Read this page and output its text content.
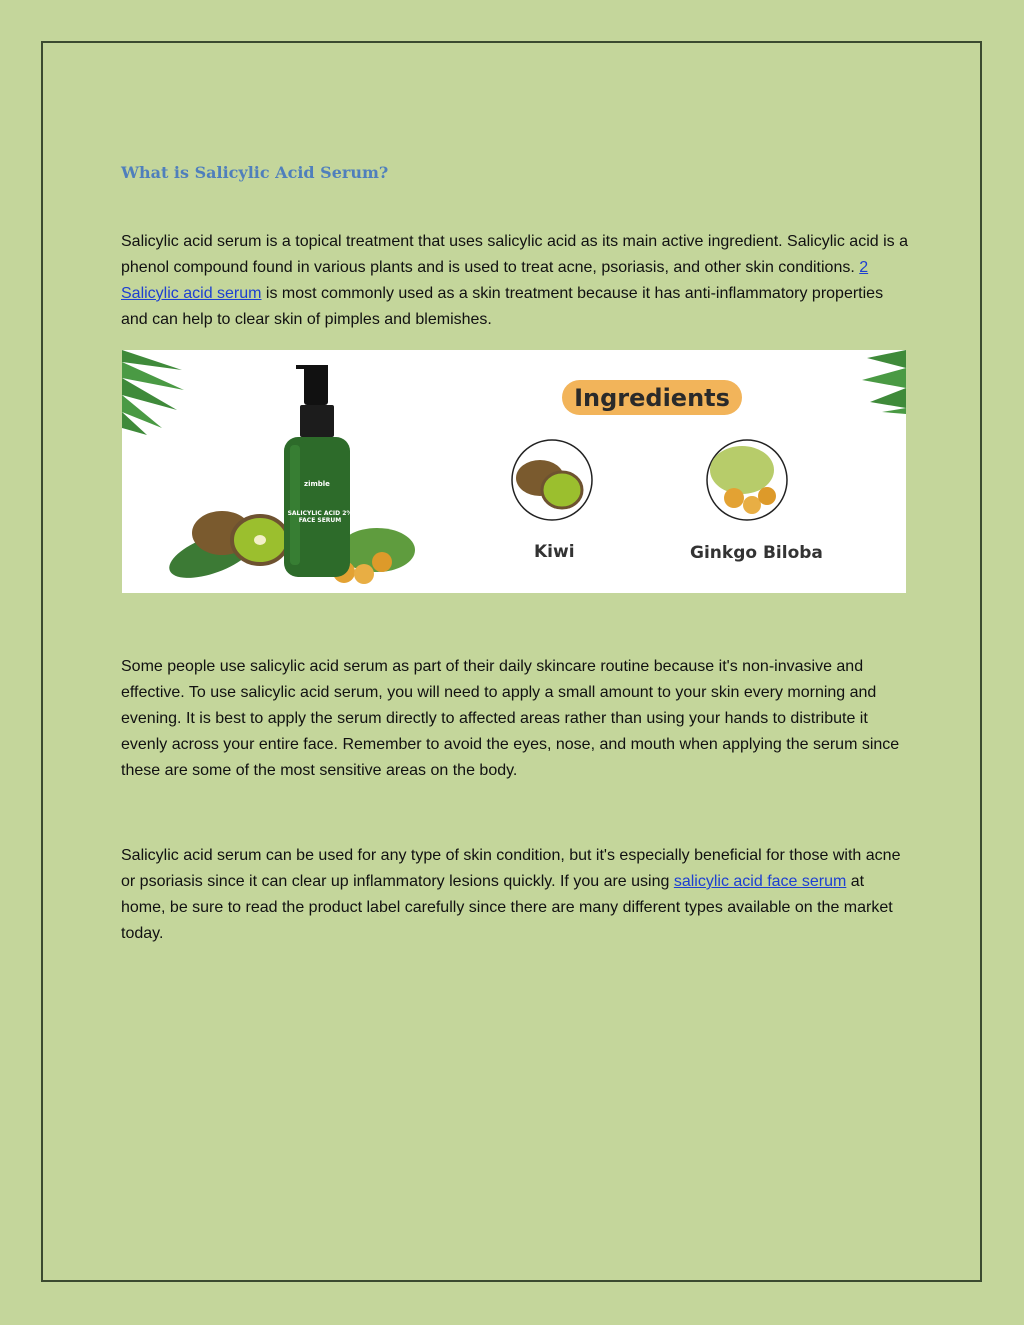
What is Salicylic Acid Serum?

Salicylic acid serum is a topical treatment that uses salicylic acid as its main active ingredient. Salicylic acid is a phenol compound found in various plants and is used to treat acne, psoriasis, and other skin conditions. 2 Salicylic acid serum is most commonly used as a skin treatment because it has anti-inflammatory properties and can help to clear skin of pimples and blemishes.

zimble
SALICYLIC ACID 2%
FACE SERUM
Ingredients
Kiwi	Ginkgo Biloba

Some people use salicylic acid serum as part of their daily skincare routine because it's non-invasive and effective. To use salicylic acid serum, you will need to apply a small amount to your skin every morning and evening. It is best to apply the serum directly to affected areas rather than using your hands to distribute it evenly across your entire face. Remember to avoid the eyes, nose, and mouth when applying the serum since these are some of the most sensitive areas on the body.

Salicylic acid serum can be used for any type of skin condition, but it's especially beneficial for those with acne or psoriasis since it can clear up inflammatory lesions quickly. If you are using salicylic acid face serum at home, be sure to read the product label carefully since there are many different types available on the market today.
